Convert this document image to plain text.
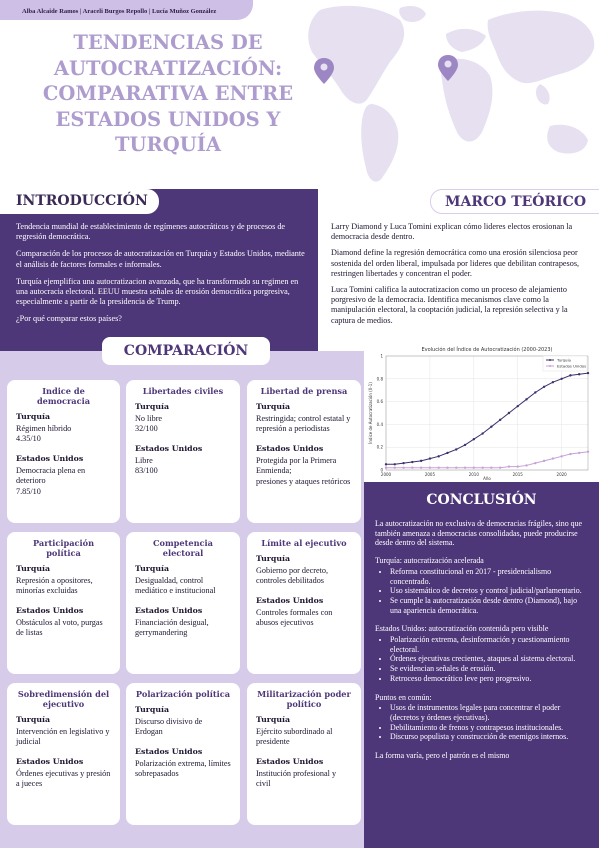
Alba Alcaide Ramos | Araceli Burgos Repollo | Lucía Muñoz González
TENDENCIAS DE
AUTOCRATIZACIÓN:
COMPARATIVA ENTRE
ESTADOS UNIDOS Y
TURQUÍA
INTRODUCCIÓN

Tendencia mundial de establecimiento de regímenes autocráticos y de procesos de regresión democrática.

Comparación de los procesos de autocratización en Turquía y Estados Unidos, mediante el análisis de factores formales e informales.

Turquía ejemplifica una autocratizacion avanzada, que ha transformado su regimen en una autocracia electoral. EEUU muestra señales de erosión democrática porgresiva, especialmente a partir de la presidencia de Trump.

¿Por qué comparar estos países?

MARCO TEÓRICO

Larry Diamond y Luca Tomini explican cómo lideres electos erosionan la democracia desde dentro.

Diamond define la regresión democrática como una erosión silenciosa peor sostenida del orden liberal, impulsada por lideres que debilitan contrapesos, restringen libertades y concentran el poder.

Luca Tomini califica la autocratizacion como un proceso de alejamiento porgresivo de la democracia. Identifica mecanismos clave como la manipulación electoral, la cooptación judicial, la represión selectiva y la captura de medios.

COMPARACIÓN
Indice de democracia
Turquía
Régimen híbrido
4.35/10
Estados Unidos
Democracia plena en deterioro
7.85/10
Libertades civiles
Turquía
No libre
32/100
Estados Unidos
Libre
83/100
Libertad de prensa
Turquía
Restringida; control estatal y represión a periodistas
Estados Unidos
Protegida por la Primera Enmienda;
presiones y ataques retóricos
Participación política
Turquía
Represión a opositores, minorías excluidas
Estados Unidos
Obstáculos al voto, purgas de listas
Competencia electoral
Turquía
Desigualdad, control mediático e institucional
Estados Unidos
Financiación desigual, gerrymandering
Límite al ejecutivo
Turquía
Gobierno por decreto, controles debilitados
Estados Unidos
Controles formales con abusos ejecutivos
Sobredimensión del ejecutivo
Turquía
Intervención en legislativo y judicial
Estados Unidos
Órdenes ejecutivas y presión a jueces
Polarización política
Turquía
Discurso divisivo de Erdogan
Estados Unidos
Polarización extrema, límites sobrepasados
Militarización poder político
Turquía
Ejército subordinado al presidente
Estados Unidos
Institución profesional y civil
0
0.2
0.4
0.6
0.8
1
2000	2005	2010	2015	2020
Evolución del Índice de Autocratización (2000-2023)
Año
Índice de Autocratización (0-1)
Turquía
Estados Unidos
CONCLUSIÓN

La autocratización no exclusiva de democracias frágiles, sino que también amenaza a democracias consolidadas, puede producirse desde dentro del sistema.

Turquía: autocratización acelerada

• Reforma constitucional en 2017 - presidencialismo concentrado.
• Uso sistemático de decretos y control judicial/parlamentario.
• Se cumple la autocratización desde dentro (Diamond), bajo una apariencia democrática.

Estados Unidos: autocratización contenida pero visible

• Polarización extrema, desinformación y cuestionamiento electoral.
• Órdenes ejecutivas crecientes, ataques al sistema electoral.
• Se evidencian señales de erosión.
• Retroceso democrático leve pero progresivo.

Puntos en común:

• Usos de instrumentos legales para concentrar el poder (decretos y órdenes ejecutivas).
• Debilitamiento de frenos y contrapesos institucionales.
• Discurso populista y construcción de enemigos internos.

La forma varía, pero el patrón es el mismo
